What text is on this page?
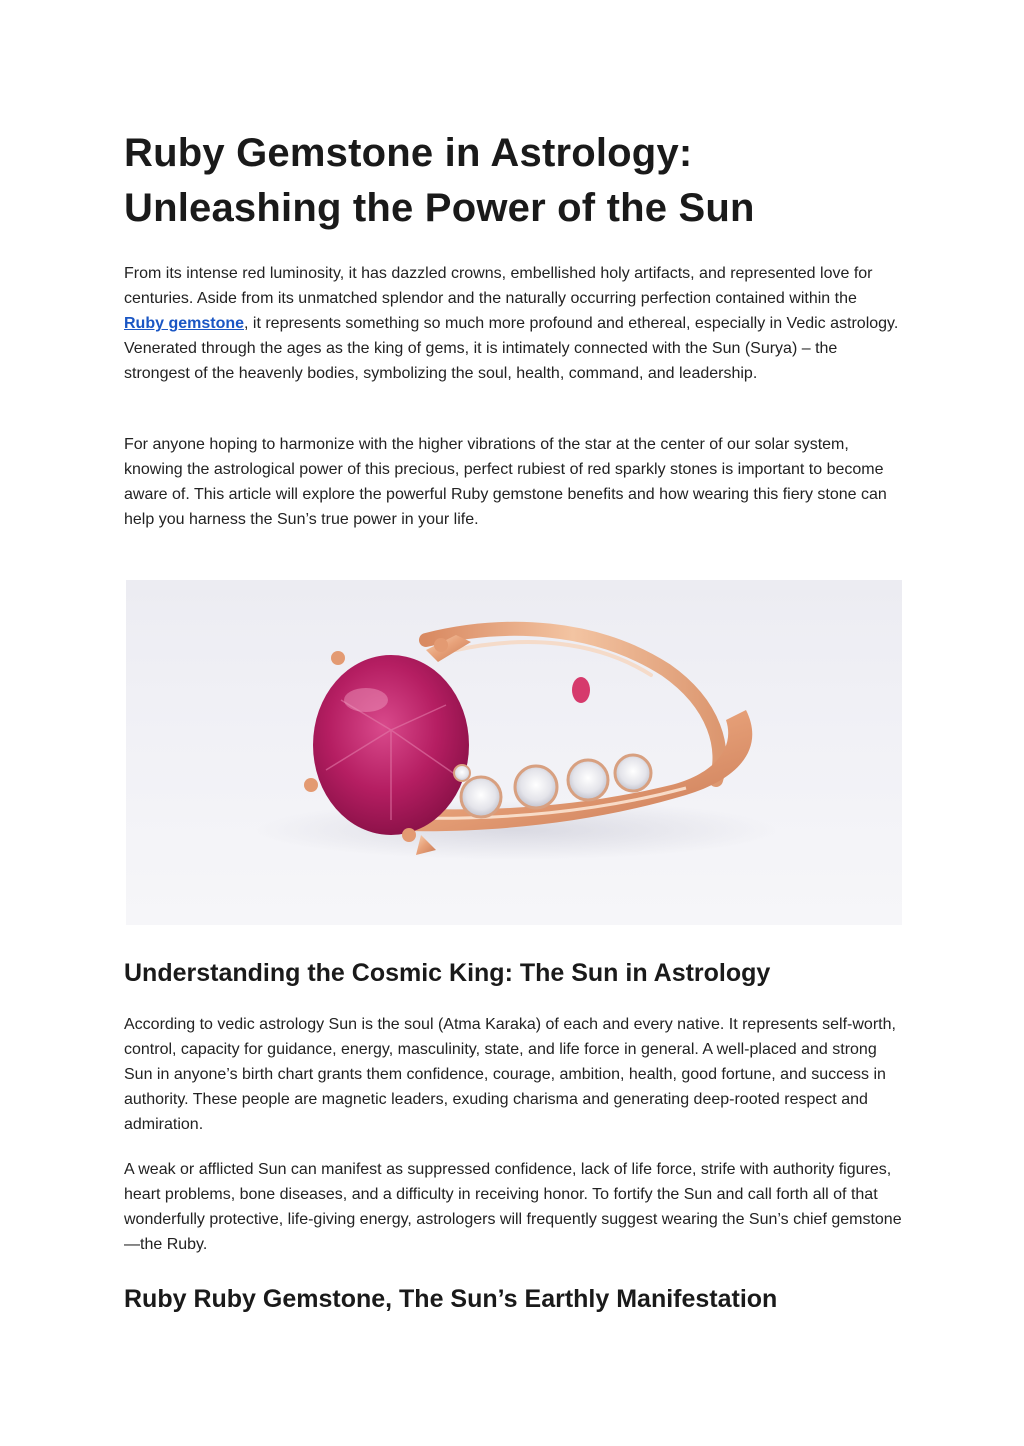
Ruby Gemstone in Astrology:
Unleashing the Power of the Sun

From its intense red luminosity, it has dazzled crowns, embellished holy artifacts, and represented love for centuries. Aside from its unmatched splendor and the naturally occurring perfection contained within the Ruby gemstone, it represents something so much more profound and ethereal, especially in Vedic astrology. Venerated through the ages as the king of gems, it is intimately connected with the Sun (Surya) – the strongest of the heavenly bodies, symbolizing the soul, health, command, and leadership.

For anyone hoping to harmonize with the higher vibrations of the star at the center of our solar system, knowing the astrological power of this precious, perfect rubiest of red sparkly stones is important to become aware of. This article will explore the powerful Ruby gemstone benefits and how wearing this fiery stone can help you harness the Sun’s true power in your life.

Understanding the Cosmic King: The Sun in Astrology

According to vedic astrology Sun is the soul (Atma Karaka) of each and every native. It represents self-worth, control, capacity for guidance, energy, masculinity, state, and life force in general. A well-placed and strong Sun in anyone’s birth chart grants them confidence, courage, ambition, health, good fortune, and success in authority. These people are magnetic leaders, exuding charisma and generating deep-rooted respect and admiration.

A weak or afflicted Sun can manifest as suppressed confidence, lack of life force, strife with authority figures, heart problems, bone diseases, and a difficulty in receiving honor. To fortify the Sun and call forth all of that wonderfully protective, life-giving energy, astrologers will frequently suggest wearing the Sun’s chief gemstone—the Ruby.

Ruby Ruby Gemstone, The Sun’s Earthly Manifestation
